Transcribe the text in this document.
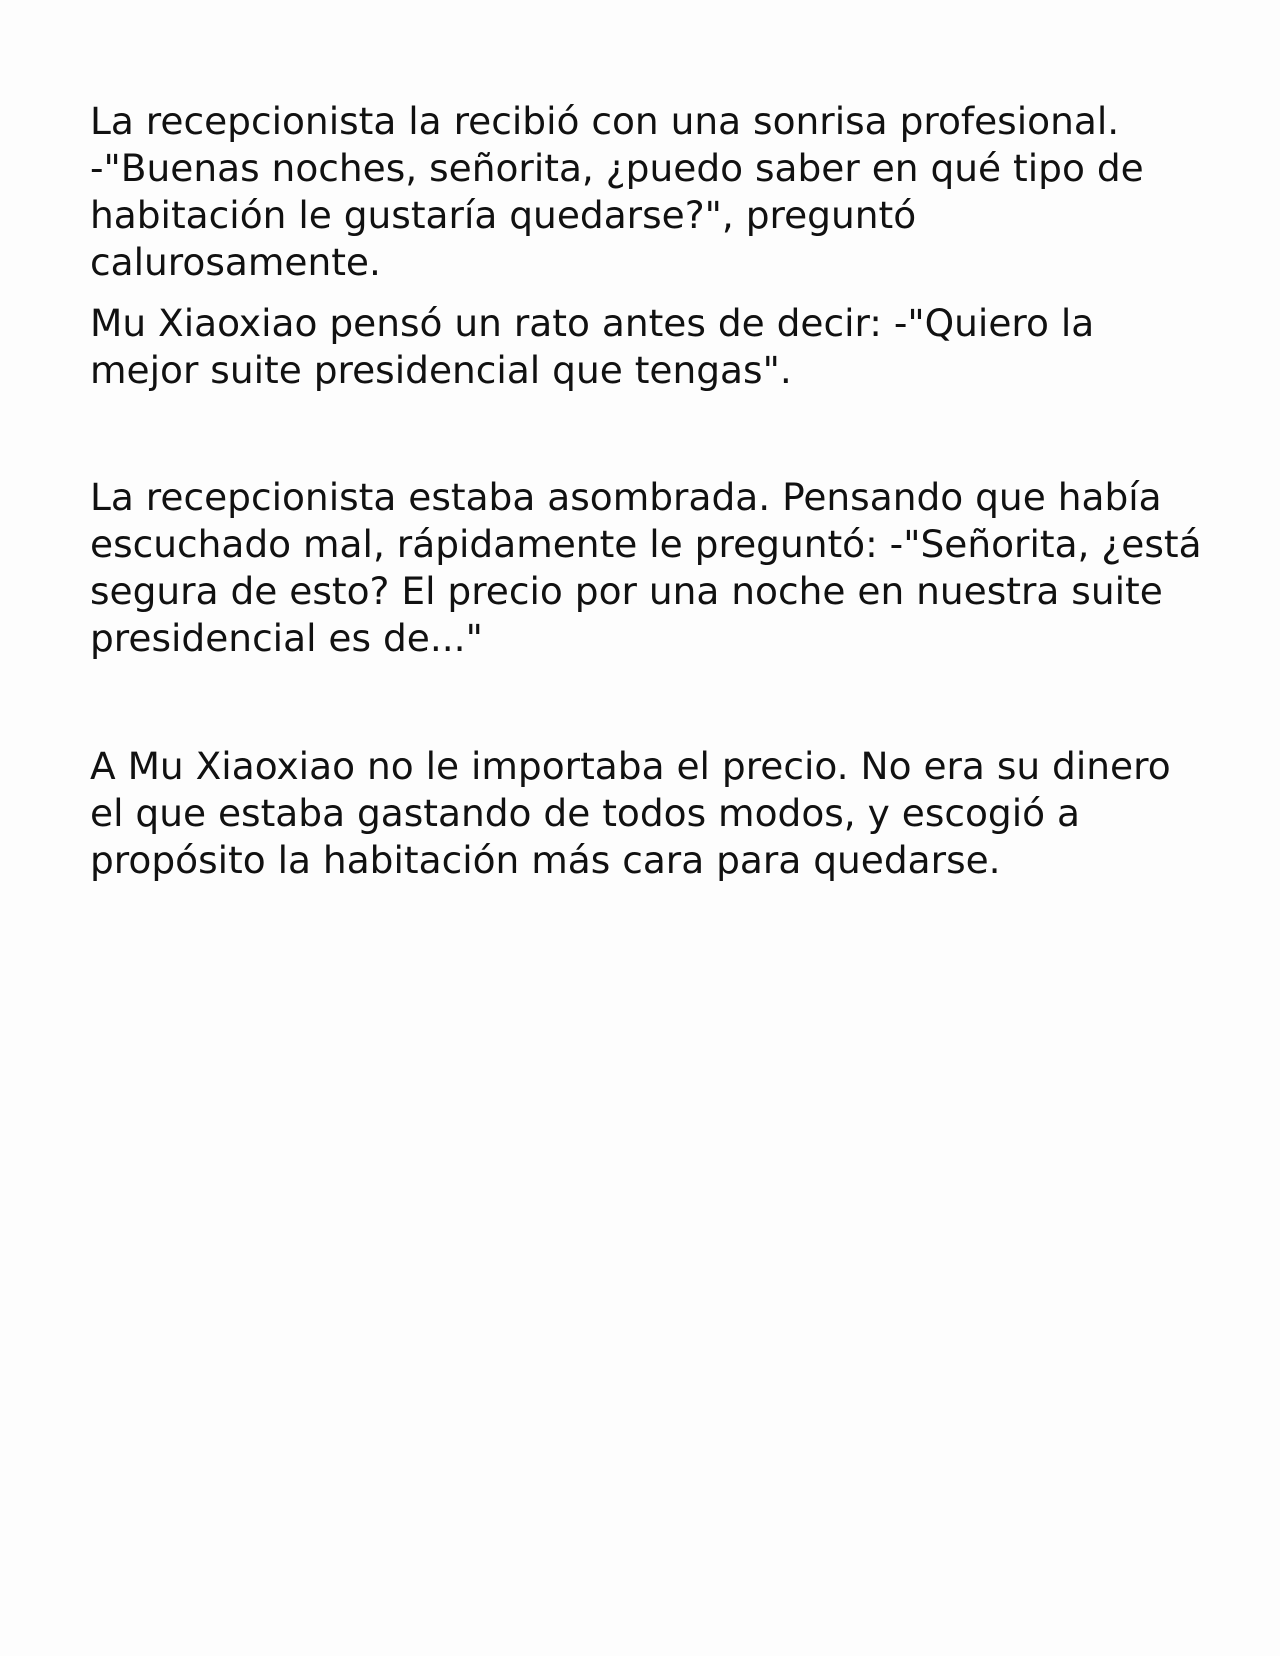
La recepcionista la recibió con una sonrisa profesional.
-"Buenas noches, señorita, ¿puedo saber en qué tipo de
habitación le gustaría quedarse?", preguntó
calurosamente.

Mu Xiaoxiao pensó un rato antes de decir: -"Quiero la
mejor suite presidencial que tengas".

La recepcionista estaba asombrada. Pensando que había
escuchado mal, rápidamente le preguntó: -"Señorita, ¿está
segura de esto? El precio por una noche en nuestra suite
presidencial es de..."

A Mu Xiaoxiao no le importaba el precio. No era su dinero
el que estaba gastando de todos modos, y escogió a
propósito la habitación más cara para quedarse.
